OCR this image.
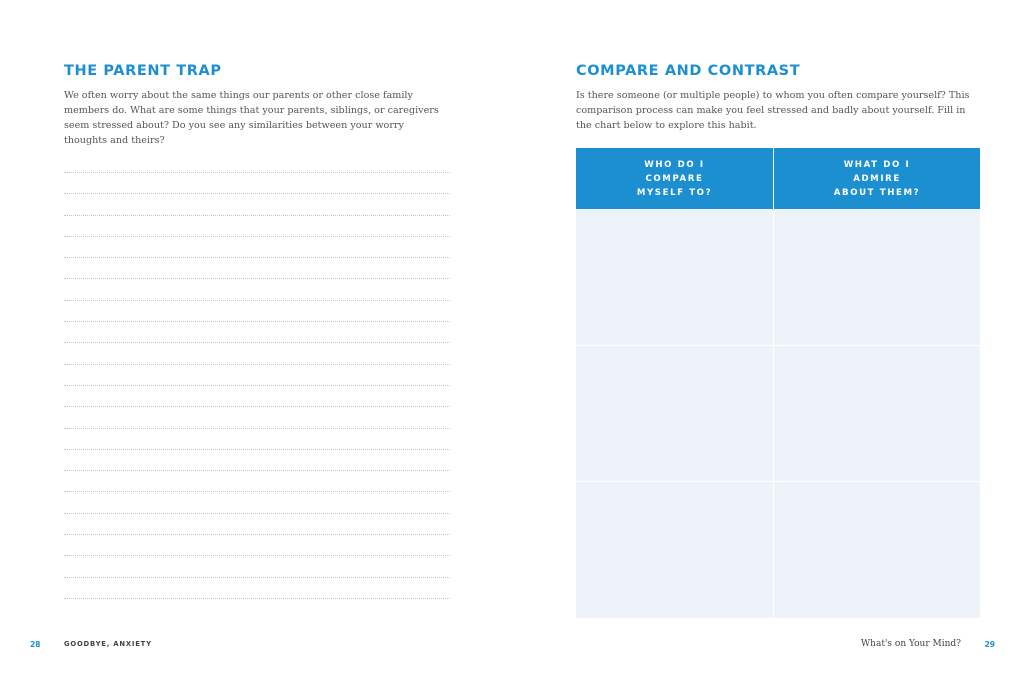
THE PARENT TRAP

We often worry about the same things our parents or other close family members do. What are some things that your parents, siblings, or caregivers seem stressed about? Do you see any similarities between your worry thoughts and theirs?

28	GOODBYE, ANXIETY
COMPARE AND CONTRAST

Is there someone (or multiple people) to whom you often compare yourself? This comparison process can make you feel stressed and badly about yourself. Fill in the chart below to explore this habit.

WHO DO I COMPARE MYSELF TO?
WHAT DO I ADMIRE ABOUT THEM?
What's on Your Mind?	29
